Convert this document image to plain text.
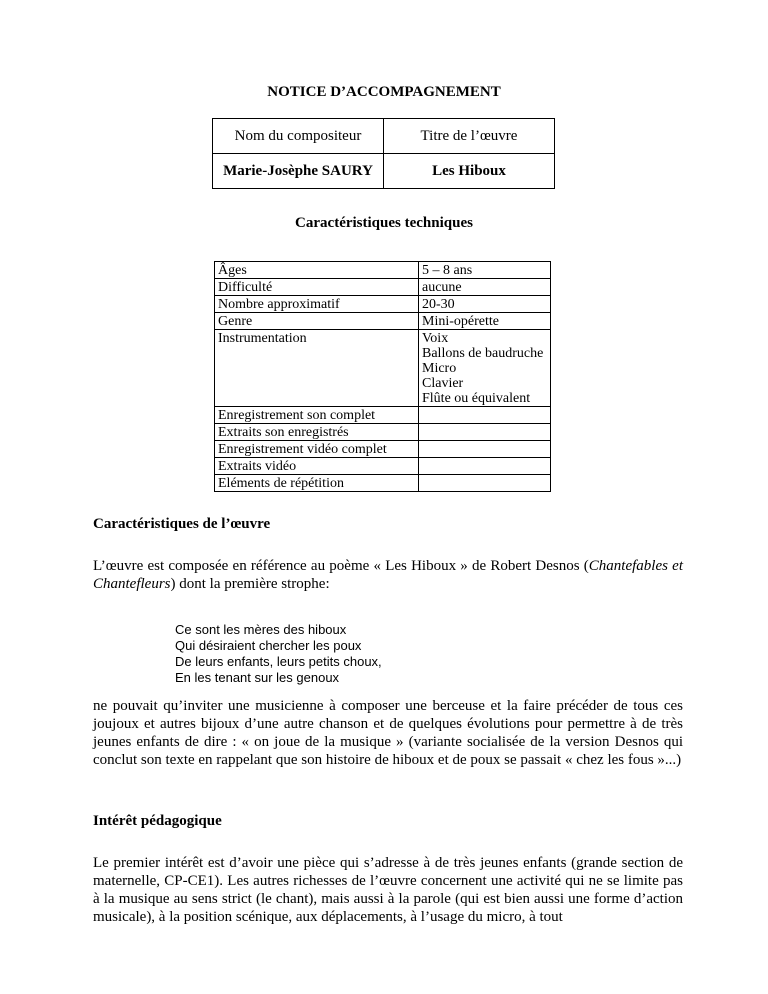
NOTICE D’ACCOMPAGNEMENT
Nom du compositeur	Titre de l’œuvre
Marie-Josèphe SAURY	Les Hiboux
Caractéristiques techniques
Âges	5 – 8 ans
Difficulté	aucune
Nombre approximatif	20-30
Genre	Mini-opérette
Instrumentation	Voix
Ballons de baudruche
Micro
Clavier
Flûte ou équivalent

Enregistrement son complet	
Extraits son enregistrés	
Enregistrement vidéo complet	
Extraits vidéo	
Eléments de répétition	
Caractéristiques de l’œuvre

L’œuvre est composée en référence au poème « Les Hiboux » de Robert Desnos (Chantefables et Chantefleurs) dont la première strophe:

Ce sont les mères des hiboux
Qui désiraient chercher les poux
De leurs enfants, leurs petits choux,
En les tenant sur les genoux

ne pouvait qu’inviter une musicienne à composer une berceuse et la faire précéder de tous ces joujoux et autres bijoux d’une autre chanson et de quelques évolutions pour permettre à de très jeunes enfants de dire : « on joue de la musique » (variante socialisée de la version Desnos qui conclut son texte en rappelant que son histoire de hiboux et de poux se passait « chez les fous »...)

Intérêt pédagogique

Le premier intérêt est d’avoir une pièce qui s’adresse à de très jeunes enfants (grande section de maternelle, CP-CE1). Les autres richesses de l’œuvre concernent une activité qui ne se limite pas à la musique au sens strict (le chant), mais aussi à la parole (qui est bien aussi une forme d’action musicale), à la position scénique, aux déplacements, à l’usage du micro, à tout
